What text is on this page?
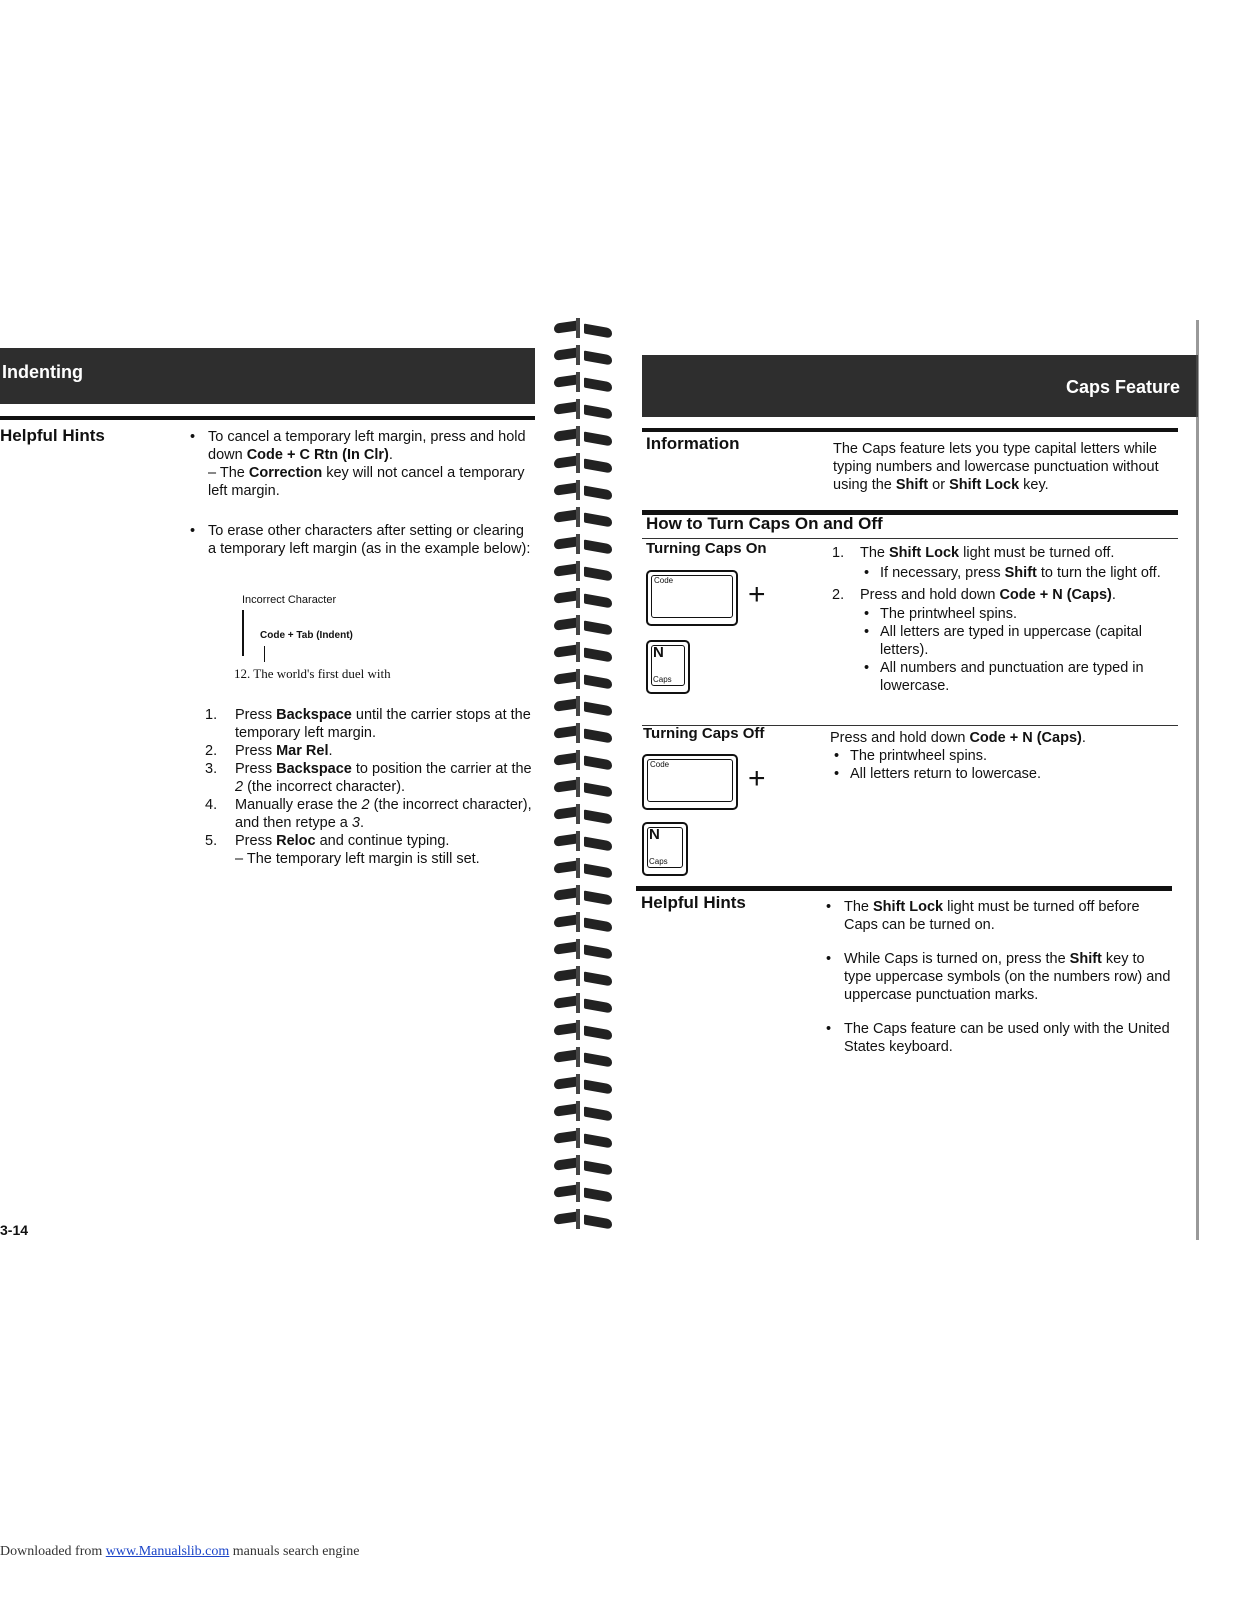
Indenting
Helpful Hints	• To cancel a temporary left margin, press and hold down Code + C Rtn (In Clr).
– The Correction key will not cancel a temporary left margin.
• To erase other characters after setting or clearing a temporary left margin (as in the example below):
Incorrect Character
Code + Tab (Indent)
12. The world's first duel with
1. Press Backspace until the carrier stops at the temporary left margin.
2. Press Mar Rel.
3. Press Backspace to position the carrier at the 2 (the incorrect character).
4. Manually erase the 2 (the incorrect character), and then retype a 3.
5. Press Reloc and continue typing.
– The temporary left margin is still set.
3-14
Caps Feature
Information	The Caps feature lets you type capital letters while typing numbers and lowercase punctuation without using the Shift or Shift Lock key.
How to Turn Caps On and Off
Turning Caps On
Code +
N
Caps
1. The Shift Lock light must be turned off.
• If necessary, press Shift to turn the light off.
2. Press and hold down Code + N (Caps).
• The printwheel spins.
• All letters are typed in uppercase (capital letters).
• All numbers and punctuation are typed in lowercase.
Turning Caps Off
Code	+
N
Caps
Press and hold down Code + N (Caps).
• The printwheel spins.
• All letters return to lowercase.
Helpful Hints	• The Shift Lock light must be turned off before Caps can be turned on.
• While Caps is turned on, press the Shift key to type uppercase symbols (on the numbers row) and uppercase punctuation marks.
• The Caps feature can be used only with the United States keyboard.
Downloaded from www.Manualslib.com manuals search engine
